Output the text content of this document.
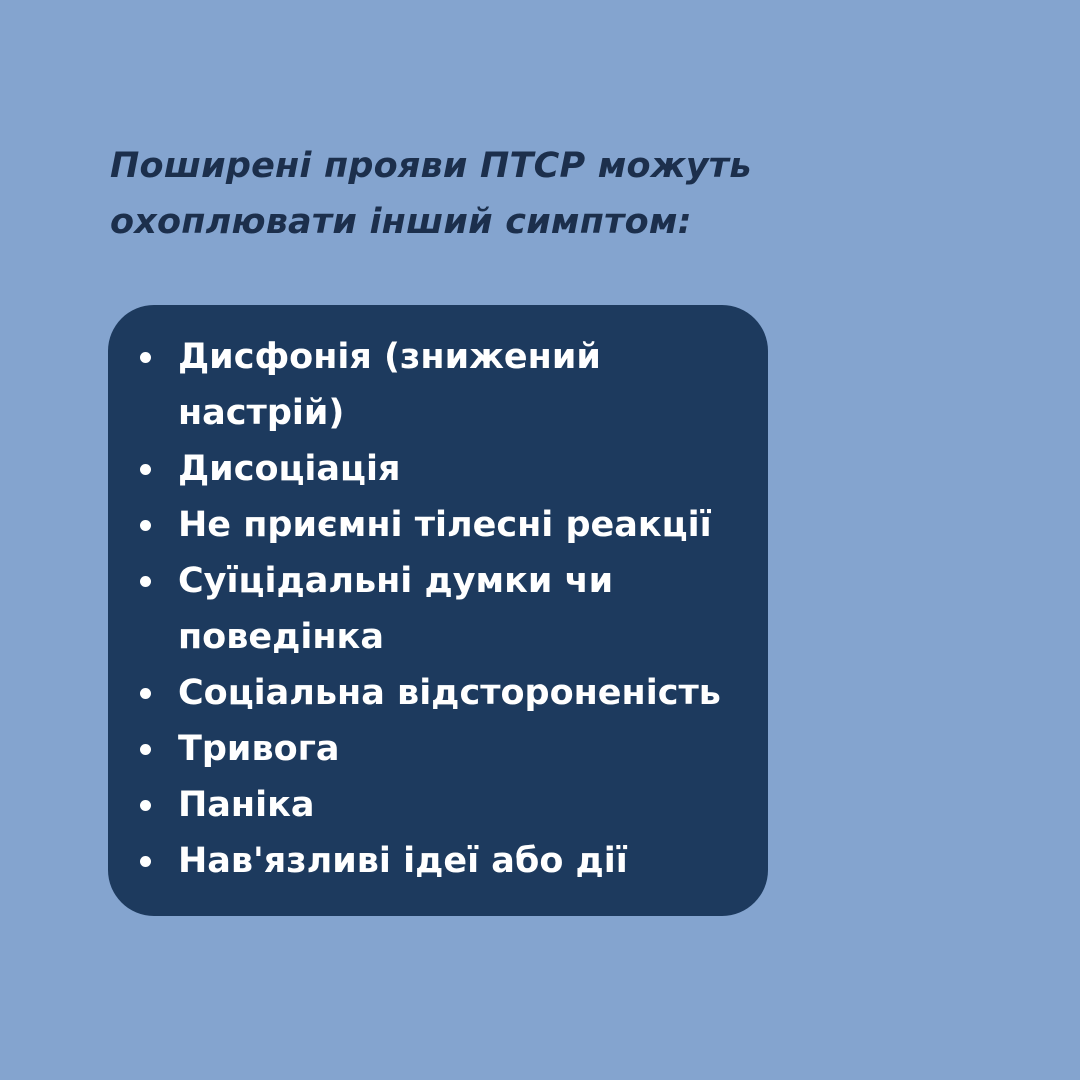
Поширені прояви ПТСР можуть
охоплювати інший симптом:
Дисфонія (знижений
настрій)
Дисоціація
Не приємні тілесні реакції
Суїцідальні думки чи
поведінка
Соціальна відстороненість
Тривога
Паніка
Нав'язливі ідеї або дії
